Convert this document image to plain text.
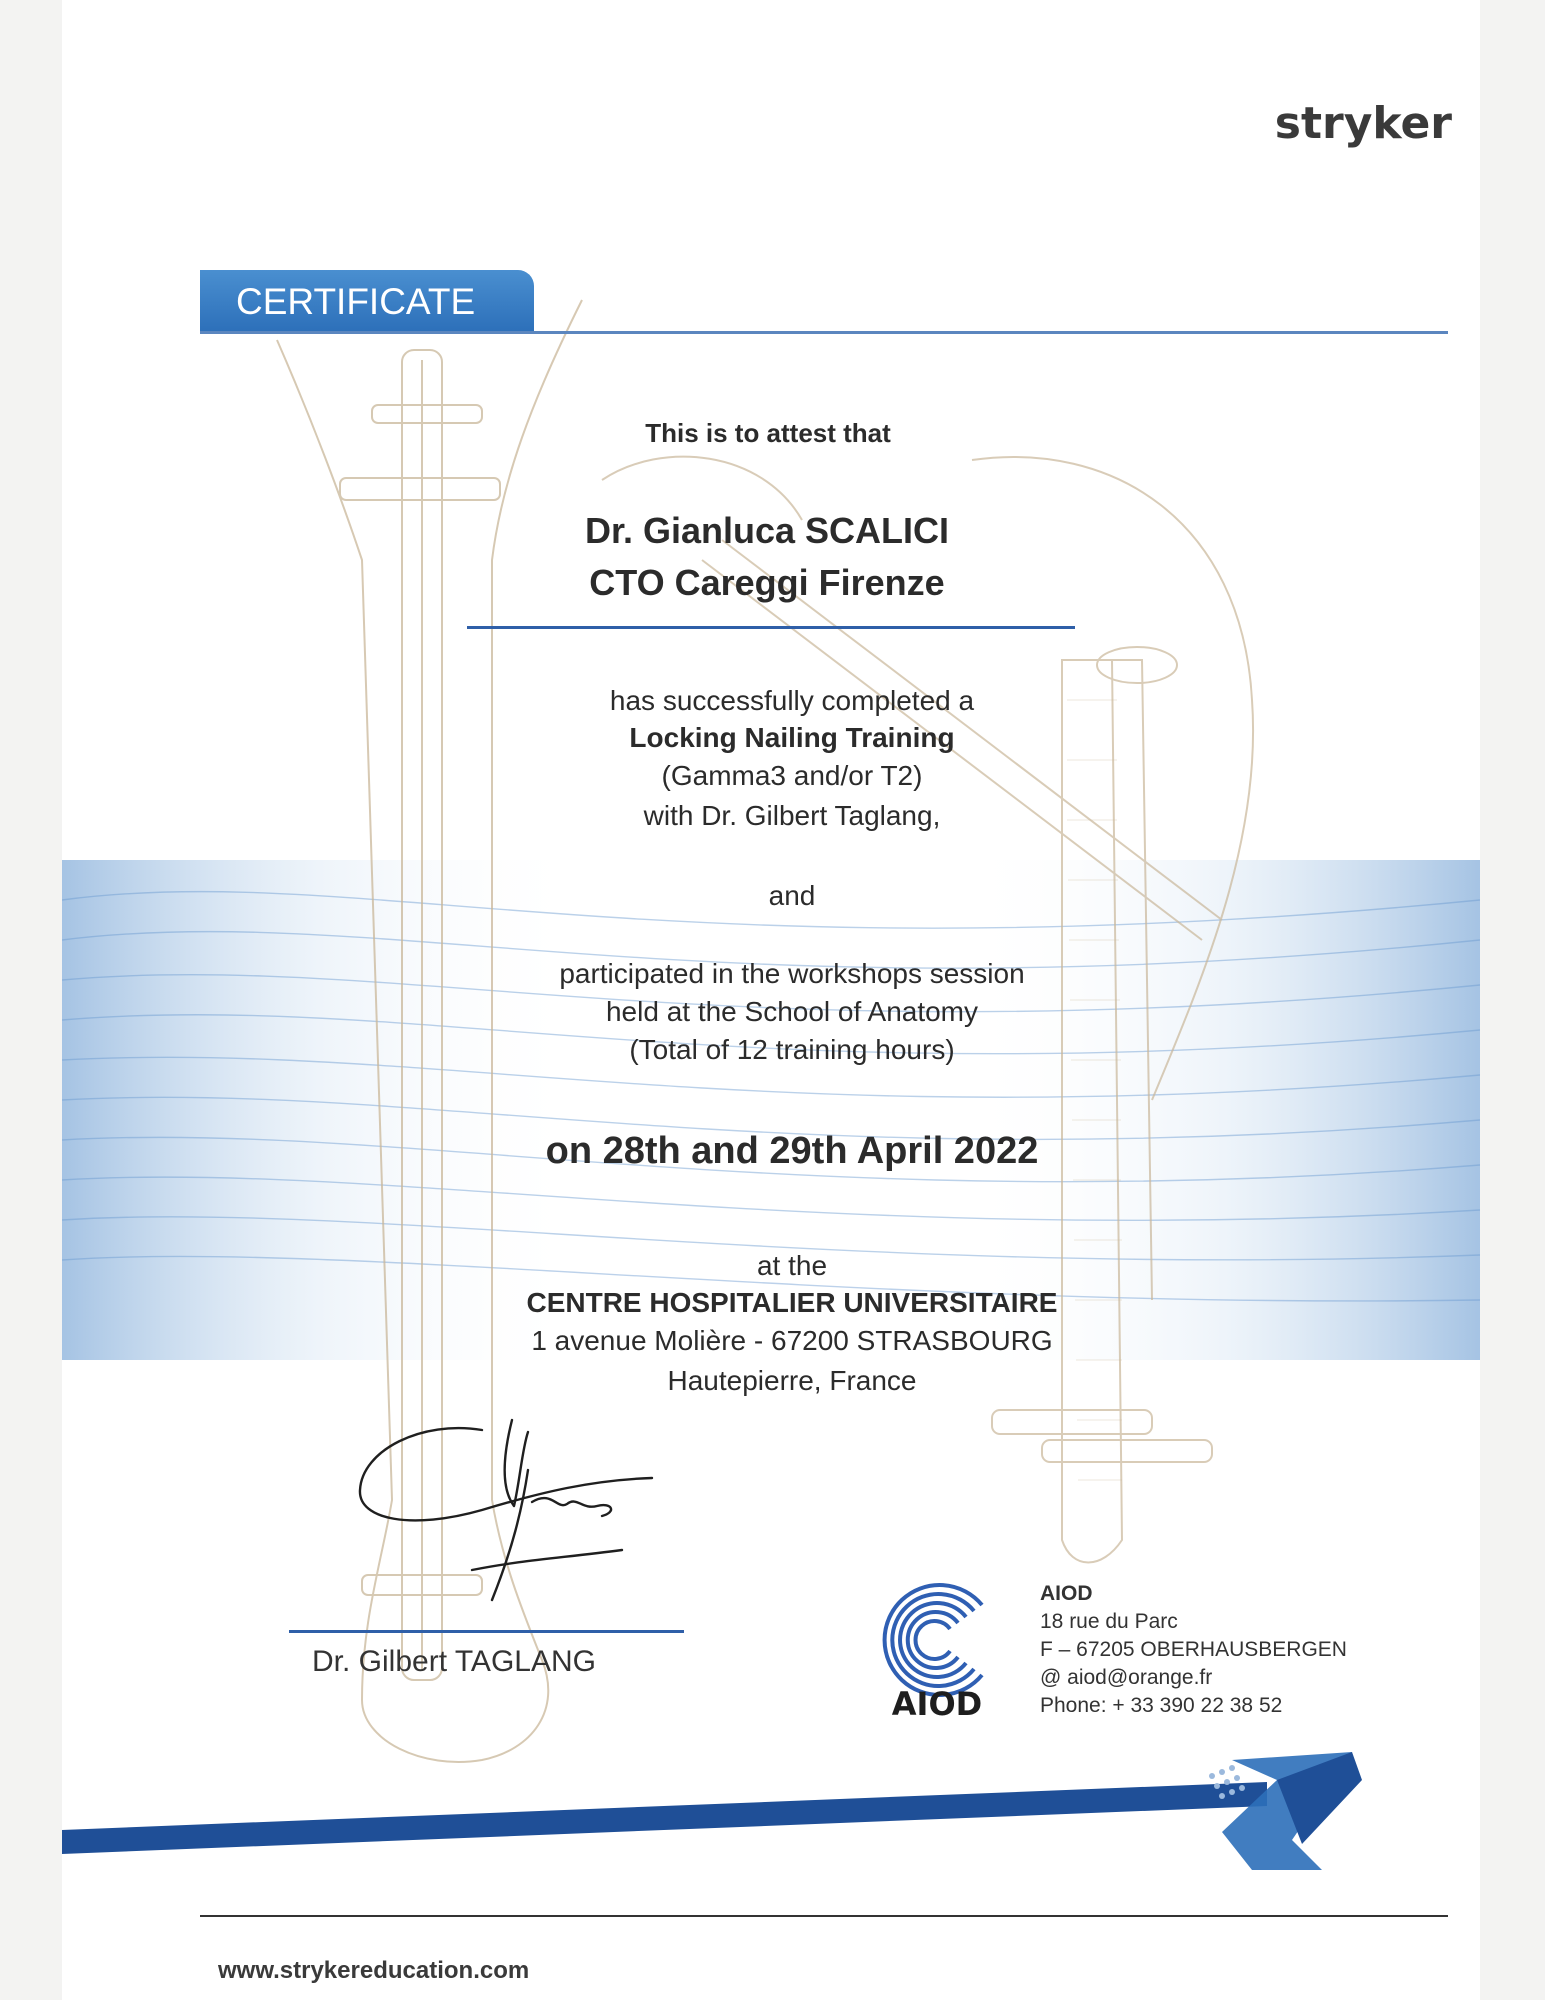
stryker
CERTIFICATE
This is to attest that
Dr. Gianluca SCALICI
CTO Careggi Firenze
has successfully completed a
Locking Nailing Training
(Gamma3 and/or T2)
with Dr. Gilbert Taglang,
and
participated in the workshops session
held at the School of Anatomy
(Total of 12 training hours)
on 28th and 29th April 2022
at the
CENTRE HOSPITALIER UNIVERSITAIRE
1 avenue Molière - 67200 STRASBOURG
Hautepierre, France
Dr. Gilbert TAGLANG
AIOD
AIOD
18 rue du Parc
F – 67205 OBERHAUSBERGEN
@ aiod@orange.fr
Phone: + 33 390 22 38 52
A LEGACY OF INNOVATION
www.strykereducation.com
